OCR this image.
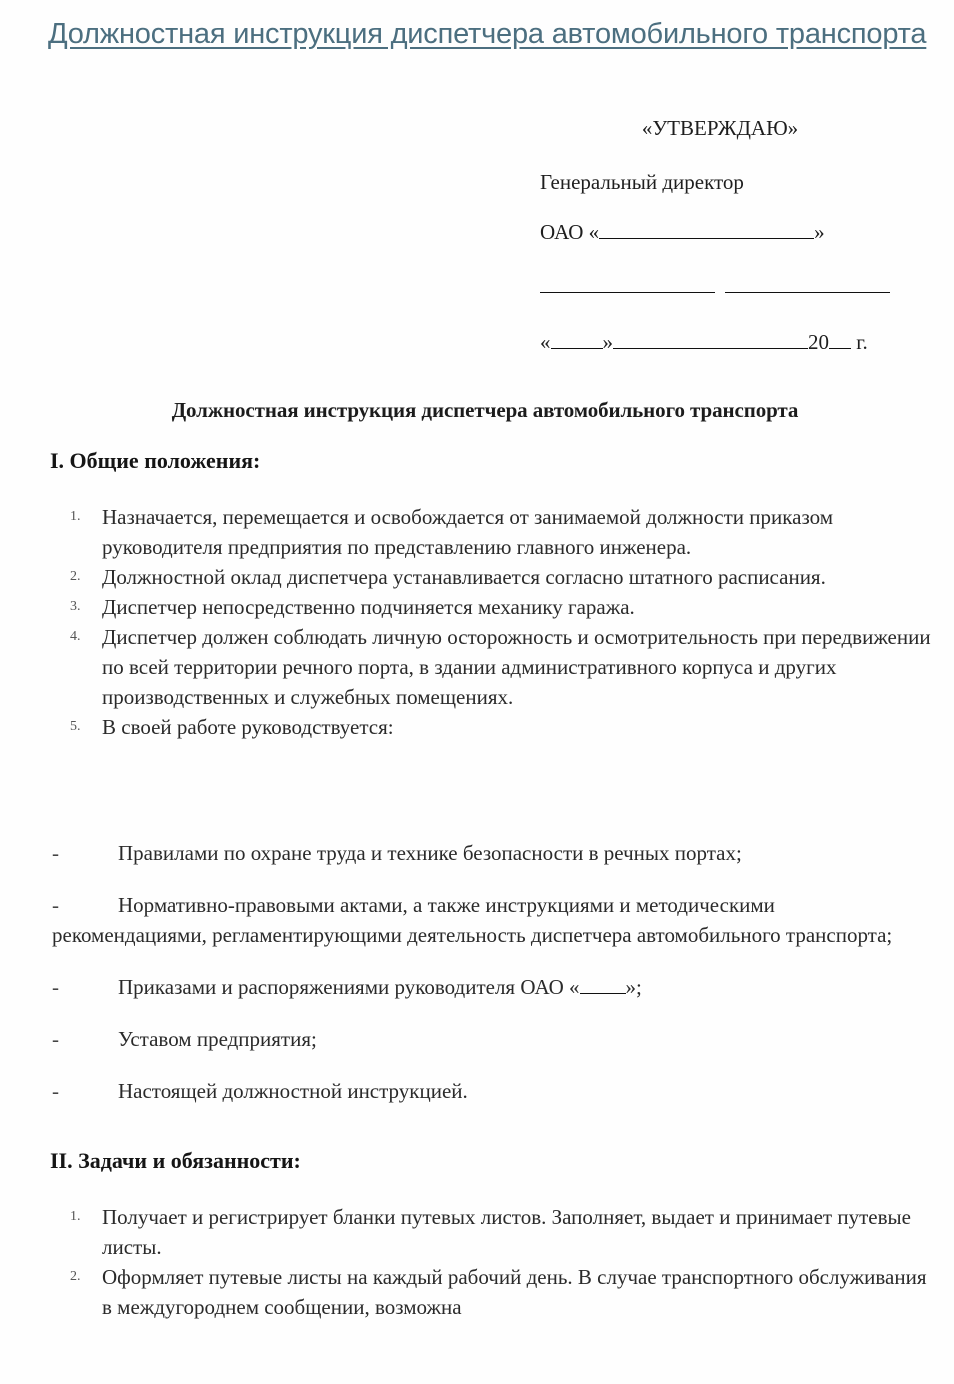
Должностная инструкция диспетчера автомобильного транспорта
«УТВЕРЖДАЮ»
Генеральный директор
ОАО «	»
« »	20 г.
Должностная инструкция диспетчера автомобильного транспорта
I. Общие положения:
1. Назначается, перемещается и освобождается от занимаемой должности приказом руководителя предприятия по представлению главного инженера.
2. Должностной оклад диспетчера устанавливается согласно штатного расписания.
3. Диспетчер непосредственно подчиняется механику гаража.
4. Диспетчер должен соблюдать личную осторожность и осмотрительность при передвижении по всей территории речного порта, в здании административного корпуса и других производственных и служебных помещениях.
5. В своей работе руководствуется:
-	Правилами по охране труда и технике безопасности в речных портах;
-	Нормативно-правовыми актами, а также инструкциями и методическими рекомендациями, регламентирующими деятельность диспетчера автомобильного транспорта;
-	Приказами и распоряжениями руководителя ОАО « »;
-	Уставом предприятия;
-	Настоящей должностной инструкцией.
II. Задачи и обязанности:
1. Получает и регистрирует бланки путевых листов. Заполняет, выдает и принимает путевые листы.
2. Оформляет путевые листы на каждый рабочий день. В случае транспортного обслуживания в междугороднем сообщении, возможна
